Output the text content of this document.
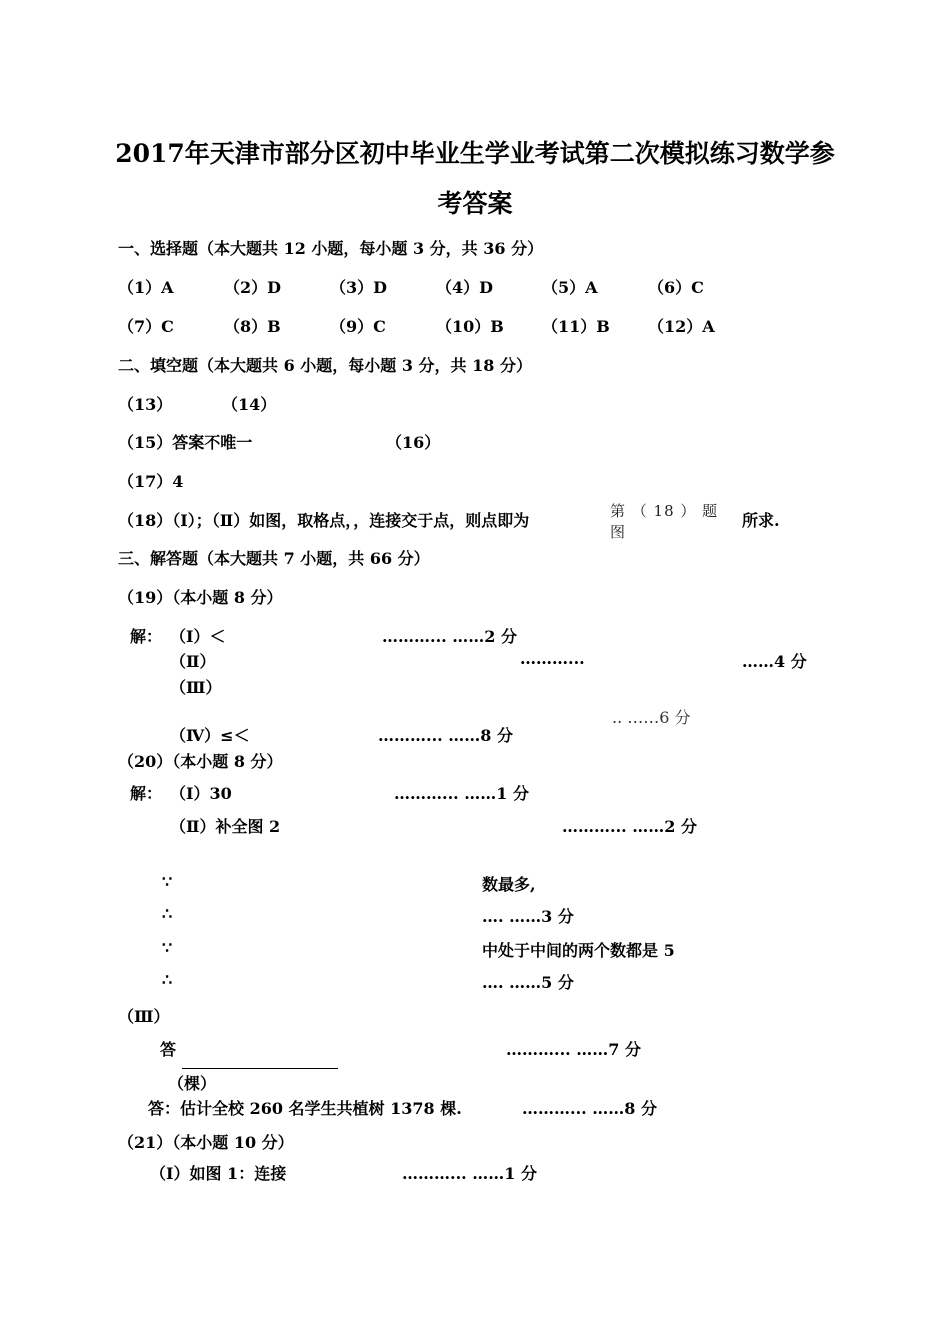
2017年天津市部分区初中毕业生学业考试第二次模拟练习数学参
考答案
一、选择题（本大题共 12 小题，每小题 3 分，共 36 分）
（1）A	（2）D	（3）D	（4）D	（5）A	（6）C
（7）C	（8）B	（9）C	（10）B （11）B （12）A
二、填空题（本大题共 6 小题，每小题 3 分，共 18 分）
（13）	（14）
（15）答案不唯一	（16）
（17）4
（18）（Ⅰ）；（Ⅱ）如图，取格点，，连接交于点，则点即为	第 （ 18 ） 题
图
所求.
三、解答题（本大题共 7 小题，共 66 分）
（19）（本小题 8 分）
解： （Ⅰ）＜	………... ……2 分
（Ⅱ）	………...	……4 分
（Ⅲ）
.. ……6 分
（Ⅳ）≤＜	………... ……8 分
（20）（本小题 8 分）
解： （Ⅰ）30	………... ……1 分
（Ⅱ）补全图 2	………... ……2 分
∵	数最多,
∴	…. ……3 分
∵	中处于中间的两个数都是 5
∴	…. ……5 分
（Ⅲ）
答	………... ……7 分
（棵）
答：估计全校 260 名学生共植树 1378 棵.	………... ……8 分
（21）（本小题 10 分）
（Ⅰ）如图 1：连接	………... ……1 分
